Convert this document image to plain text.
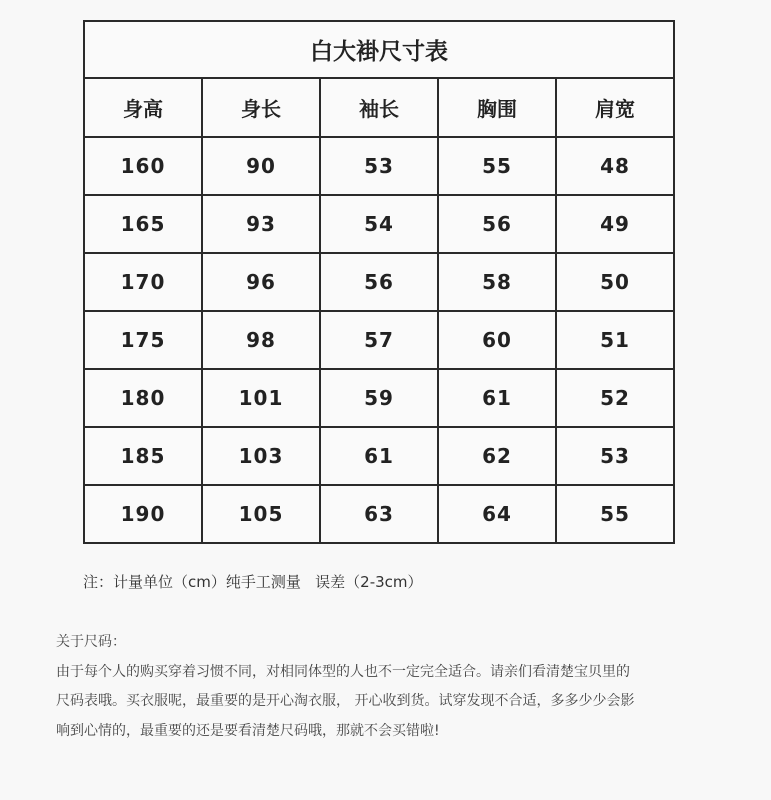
白大褂尺寸表				
身高	身长	袖长	胸围	肩宽
160	90	53	55	48
165	93	54	56	49
170	96	56	58	50
175	98	57	60	51
180	101	59	61	52
185	103	61	62	53
190	105	63	64	55
注：计量单位（cm）纯手工测量   误差（2-3cm）

关于尺码：

由于每个人的购买穿着习惯不同，对相同体型的人也不一定完全适合。请亲们看清楚宝贝里的

尺码表哦。买衣服呢，最重要的是开心淘衣服， 开心收到货。试穿发现不合适，多多少少会影

响到心情的，最重要的还是要看清楚尺码哦，那就不会买错啦!
